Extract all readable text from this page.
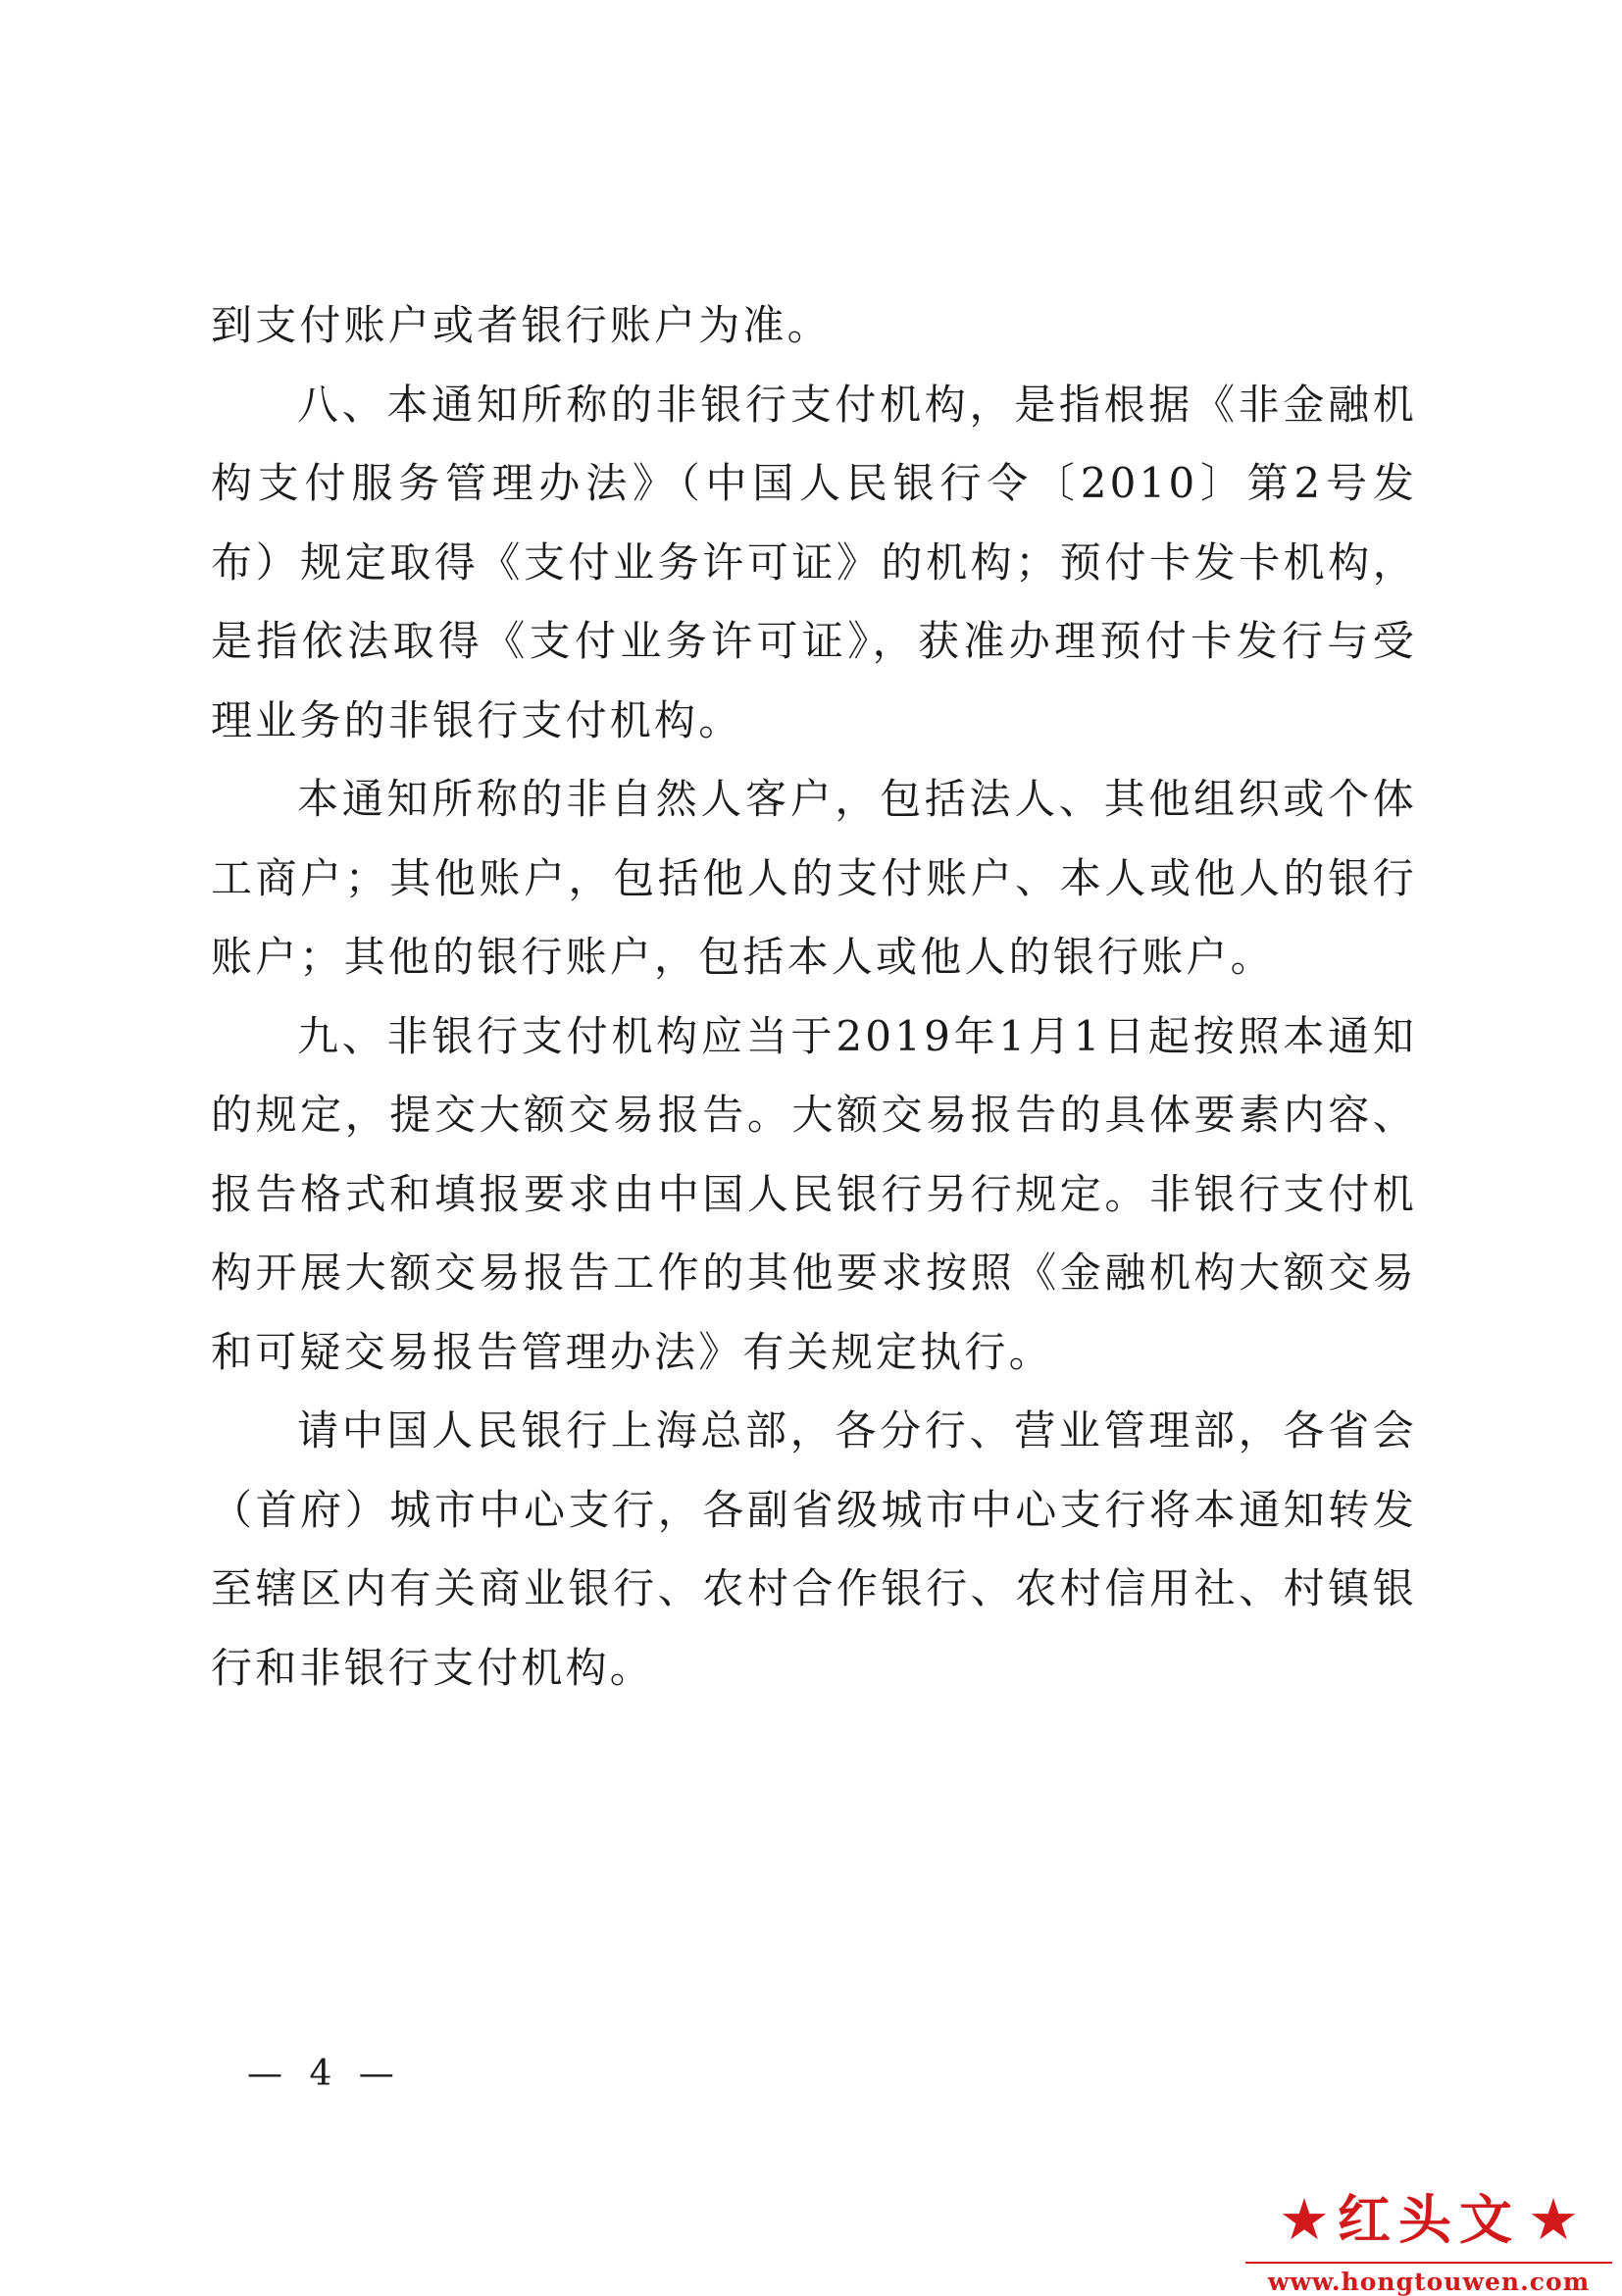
到支付账户或者银行账户为准。

八、本通知所称的非银行支付机构，是指根据《非金融机构支付服务管理办法》（中国人民银行令〔2010〕第2号发布）规定取得《支付业务许可证》的机构；预付卡发卡机构，是指依法取得《支付业务许可证》，获准办理预付卡发行与受理业务的非银行支付机构。

本通知所称的非自然人客户，包括法人、其他组织或个体工商户；其他账户，包括他人的支付账户、本人或他人的银行账户；其他的银行账户，包括本人或他人的银行账户。

九、非银行支付机构应当于2019年1月1日起按照本通知的规定，提交大额交易报告。大额交易报告的具体要素内容、报告格式和填报要求由中国人民银行另行规定。非银行支付机构开展大额交易报告工作的其他要求按照《金融机构大额交易和可疑交易报告管理办法》有关规定执行。

请中国人民银行上海总部，各分行、营业管理部，各省会（首府）城市中心支行，各副省级城市中心支行将本通知转发至辖区内有关商业银行、农村合作银行、农村信用社、村镇银行和非银行支付机构。

— 4 —
★ 红头文 ★
www.hongtouwen.com
